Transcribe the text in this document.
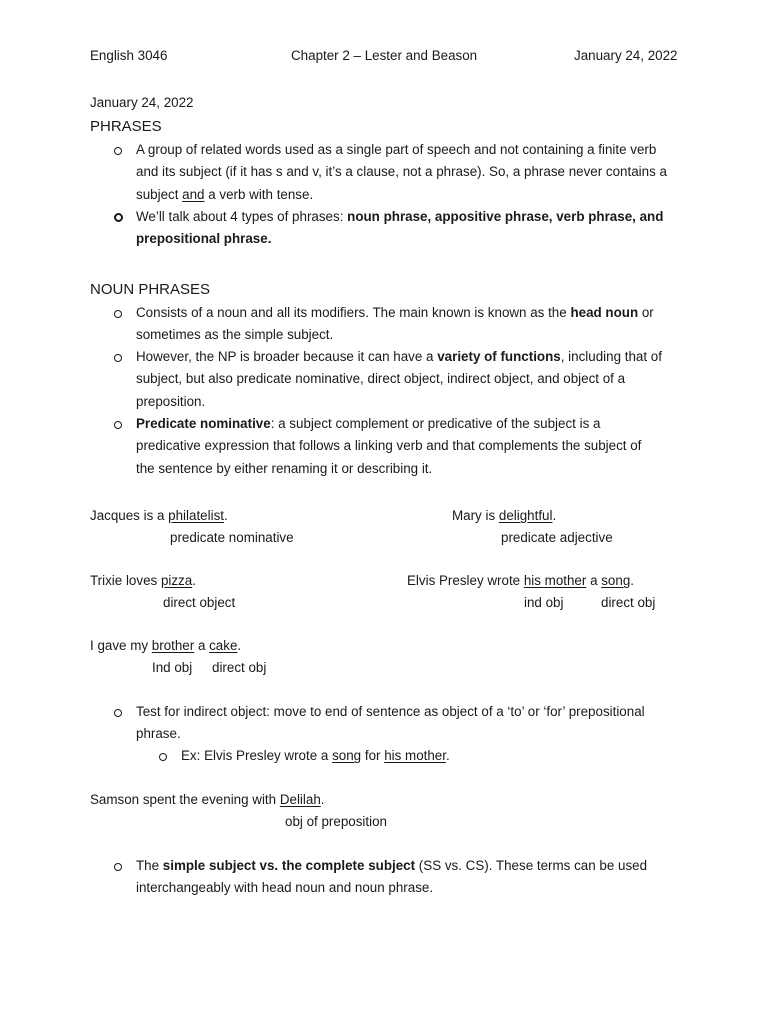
English 3046	Chapter 2 – Lester and Beason	January 24, 2022
January 24, 2022
PHRASES
A group of related words used as a single part of speech and not containing a finite verb
and its subject (if it has s and v, it’s a clause, not a phrase). So, a phrase never contains a
subject and a verb with tense.
We’ll talk about 4 types of phrases: noun phrase, appositive phrase, verb phrase, and
prepositional phrase.
NOUN PHRASES
Consists of a noun and all its modifiers. The main known is known as the head noun or
sometimes as the simple subject.
However, the NP is broader because it can have a variety of functions, including that of
subject, but also predicate nominative, direct object, indirect object, and object of a
preposition.
Predicate nominative: a subject complement or predicative of the subject is a
predicative expression that follows a linking verb and that complements the subject of
the sentence by either renaming it or describing it.
Jacques is a philatelist.
predicate nominative
Mary is delightful.
predicate adjective
Trixie loves pizza.
direct object
Elvis Presley wrote his mother a song.
ind obj	direct obj
I gave my brother a cake.
Ind obj direct obj
Test for indirect object: move to end of sentence as object of a ‘to’ or ‘for’ prepositional
phrase.
Ex: Elvis Presley wrote a song for his mother.
Samson spent the evening with Delilah.
obj of preposition
The simple subject vs. the complete subject (SS vs. CS). These terms can be used
interchangeably with head noun and noun phrase.
